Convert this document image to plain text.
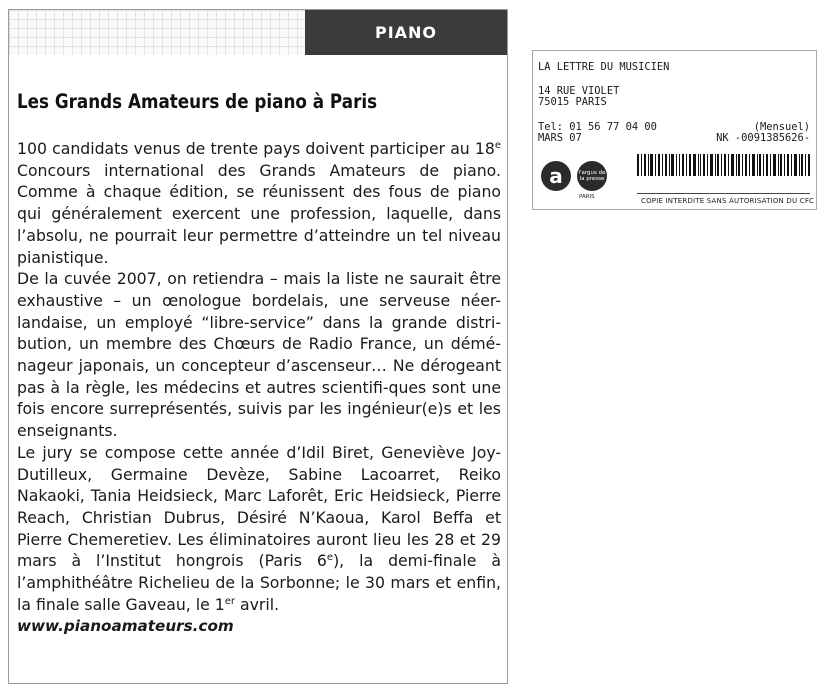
PIANO
Les Grands Amateurs de piano à Paris

100 candidats venus de trente pays doivent participer au 18e Concours international des Grands Amateurs de piano. Comme à chaque édition, se réunissent des fous de piano qui généralement exercent une profession, laquelle, dans l’absolu, ne pourrait leur permettre d’atteindre un tel niveau pianistique.

De la cuvée 2007, on retiendra – mais la liste ne saurait être exhaustive – un œnologue bordelais, une serveuse néer-landaise, un employé “libre-service” dans la grande distri-bution, un membre des Chœurs de Radio France, un démé-nageur japonais, un concepteur d’ascenseur… Ne dérogeant pas à la règle, les médecins et autres scientifi-ques sont une fois encore surreprésentés, suivis par les ingénieur(e)s et les enseignants.

Le jury se compose cette année d’Idil Biret, Geneviève Joy-Dutilleux, Germaine Devèze, Sabine Lacoarret, Reiko Nakaoki, Tania Heidsieck, Marc Laforêt, Eric Heidsieck, Pierre Reach, Christian Dubrus, Désiré N’Kaoua, Karol Beffa et Pierre Chemeretiev. Les éliminatoires auront lieu les 28 et 29 mars à l’Institut hongrois (Paris 6e), la demi-finale à l’amphithéâtre Richelieu de la Sorbonne; le 30 mars et enfin, la finale salle Gaveau, le 1er avril.

www.pianoamateurs.com

LA LETTRE DU MUSICIEN
14 RUE VIOLET
75015 PARIS
Tel: 01 56 77 04 00	(Mensuel)
MARS 07	NK -0091385626-
a	l'argus de la presse
PARIS	COPIE INTERDITE SANS AUTORISATION DU CFC
